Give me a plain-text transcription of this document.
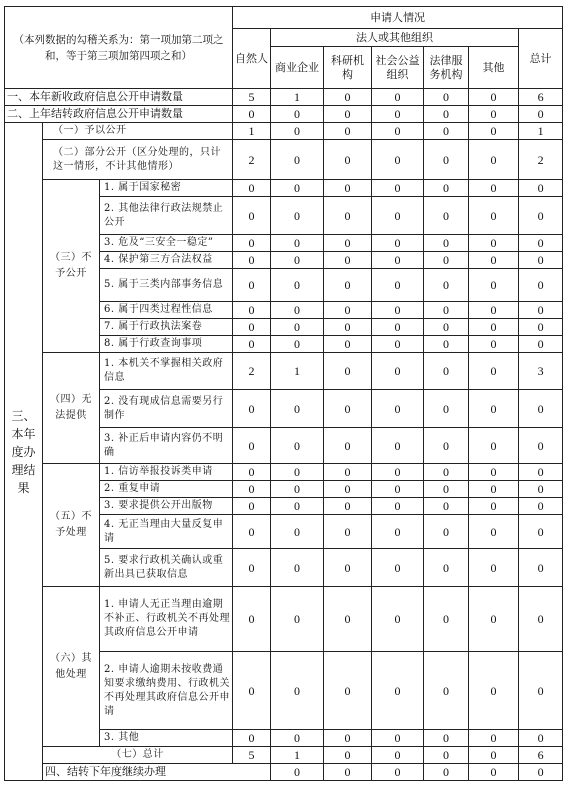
（本列数据的勾稽关系为：第一项加第二项之和，等于第三项加第四项之和）			申请人情况							
			自然人	法人或其他组织					总计	
				商业企业	科研机构	社会公益组织	法律服务机构	其他		
一、本年新收政府信息公开申请数量			5	1	0	0	0	0	6	
二、上年结转政府信息公开申请数量			0	0	0	0	0	0	0	
三、本年度办理结果	（一）予以公开		1	0	0	0	0	0	1	
	（二）部分公开（区分处理的，只计这一情形，不计其他情形）		2	0	0	0	0	0	2	
	（三）不予公开	1. 属于国家秘密	0	0	0	0	0	0	0	
		2. 其他法律行政法规禁止公开	0	0	0	0	0	0	0	
		3. 危及“三安全一稳定”	0	0	0	0	0	0	0	
		4. 保护第三方合法权益	0	0	0	0	0	0	0	
		5. 属于三类内部事务信息	0	0	0	0	0	0	0	
		6. 属于四类过程性信息	0	0	0	0	0	0	0	
		7. 属于行政执法案卷	0	0	0	0	0	0	0	
		8. 属于行政查询事项	0	0	0	0	0	0	0	
	（四）无法提供	1. 本机关不掌握相关政府信息	2	1	0	0	0	0	3	
		2. 没有现成信息需要另行制作	0	0	0	0	0	0	0	
		3. 补正后申请内容仍不明确	0	0	0	0	0	0	0	
	（五）不予处理	1. 信访举报投诉类申请	0	0	0	0	0	0	0	
		2. 重复申请	0	0	0	0	0	0	0	
		3. 要求提供公开出版物	0	0	0	0	0	0	0	
		4. 无正当理由大量反复申请	0	0	0	0	0	0	0	
		5. 要求行政机关确认或重新出具已获取信息	0	0	0	0	0	0	0	
	（六）其他处理	1. 申请人无正当理由逾期不补正、行政机关不再处理其政府信息公开申请	0	0	0	0	0	0	0	
		2. 申请人逾期未按收费通知要求缴纳费用、行政机关不再处理其政府信息公开申请	0	0	0	0	0	0	0	
		3. 其他	0	0	0	0	0	0	0	
	（七）总计		5	1	0	0	0	0	6	
	四、结转下年度继续办理			0	0	0	0	0	0	
